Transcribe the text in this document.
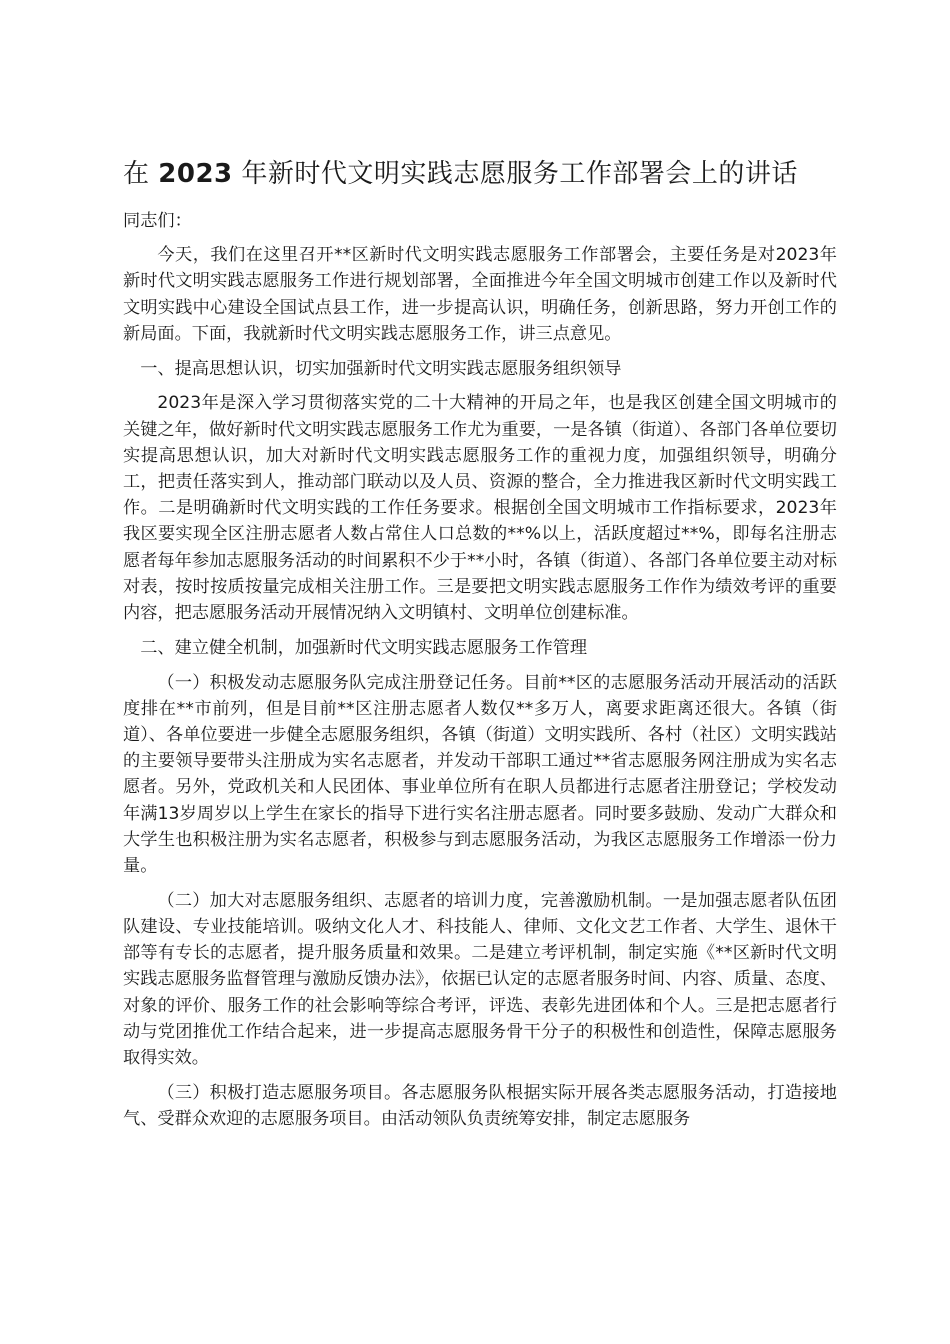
在 2023 年新时代文明实践志愿服务工作部署会上的讲话

同志们：

今天，我们在这里召开**区新时代文明实践志愿服务工作部署会，主要任务是对2023年新时代文明实践志愿服务工作进行规划部署，全面推进今年全国文明城市创建工作以及新时代文明实践中心建设全国试点县工作，进一步提高认识，明确任务，创新思路，努力开创工作的新局面。下面，我就新时代文明实践志愿服务工作，讲三点意见。

一、提高思想认识，切实加强新时代文明实践志愿服务组织领导

2023年是深入学习贯彻落实党的二十大精神的开局之年，也是我区创建全国文明城市的关键之年，做好新时代文明实践志愿服务工作尤为重要，一是各镇（街道）、各部门各单位要切实提高思想认识，加大对新时代文明实践志愿服务工作的重视力度，加强组织领导，明确分工，把责任落实到人，推动部门联动以及人员、资源的整合，全力推进我区新时代文明实践工作。二是明确新时代文明实践的工作任务要求。根据创全国文明城市工作指标要求，2023年我区要实现全区注册志愿者人数占常住人口总数的**%以上，活跃度超过**%，即每名注册志愿者每年参加志愿服务活动的时间累积不少于**小时，各镇（街道）、各部门各单位要主动对标对表，按时按质按量完成相关注册工作。三是要把文明实践志愿服务工作作为绩效考评的重要内容，把志愿服务活动开展情况纳入文明镇村、文明单位创建标准。

二、建立健全机制，加强新时代文明实践志愿服务工作管理

（一）积极发动志愿服务队完成注册登记任务。目前**区的志愿服务活动开展活动的活跃度排在**市前列，但是目前**区注册志愿者人数仅**多万人，离要求距离还很大。各镇（街道）、各单位要进一步健全志愿服务组织，各镇（街道）文明实践所、各村（社区）文明实践站的主要领导要带头注册成为实名志愿者，并发动干部职工通过**省志愿服务网注册成为实名志愿者。另外，党政机关和人民团体、事业单位所有在职人员都进行志愿者注册登记；学校发动年满13岁周岁以上学生在家长的指导下进行实名注册志愿者。同时要多鼓励、发动广大群众和大学生也积极注册为实名志愿者，积极参与到志愿服务活动，为我区志愿服务工作增添一份力量。

（二）加大对志愿服务组织、志愿者的培训力度，完善激励机制。一是加强志愿者队伍团队建设、专业技能培训。吸纳文化人才、科技能人、律师、文化文艺工作者、大学生、退休干部等有专长的志愿者，提升服务质量和效果。二是建立考评机制，制定实施《**区新时代文明实践志愿服务监督管理与激励反馈办法》，依据已认定的志愿者服务时间、内容、质量、态度、对象的评价、服务工作的社会影响等综合考评，评选、表彰先进团体和个人。三是把志愿者行动与党团推优工作结合起来，进一步提高志愿服务骨干分子的积极性和创造性，保障志愿服务取得实效。

（三）积极打造志愿服务项目。各志愿服务队根据实际开展各类志愿服务活动，打造接地气、受群众欢迎的志愿服务项目。由活动领队负责统筹安排，制定志愿服务
